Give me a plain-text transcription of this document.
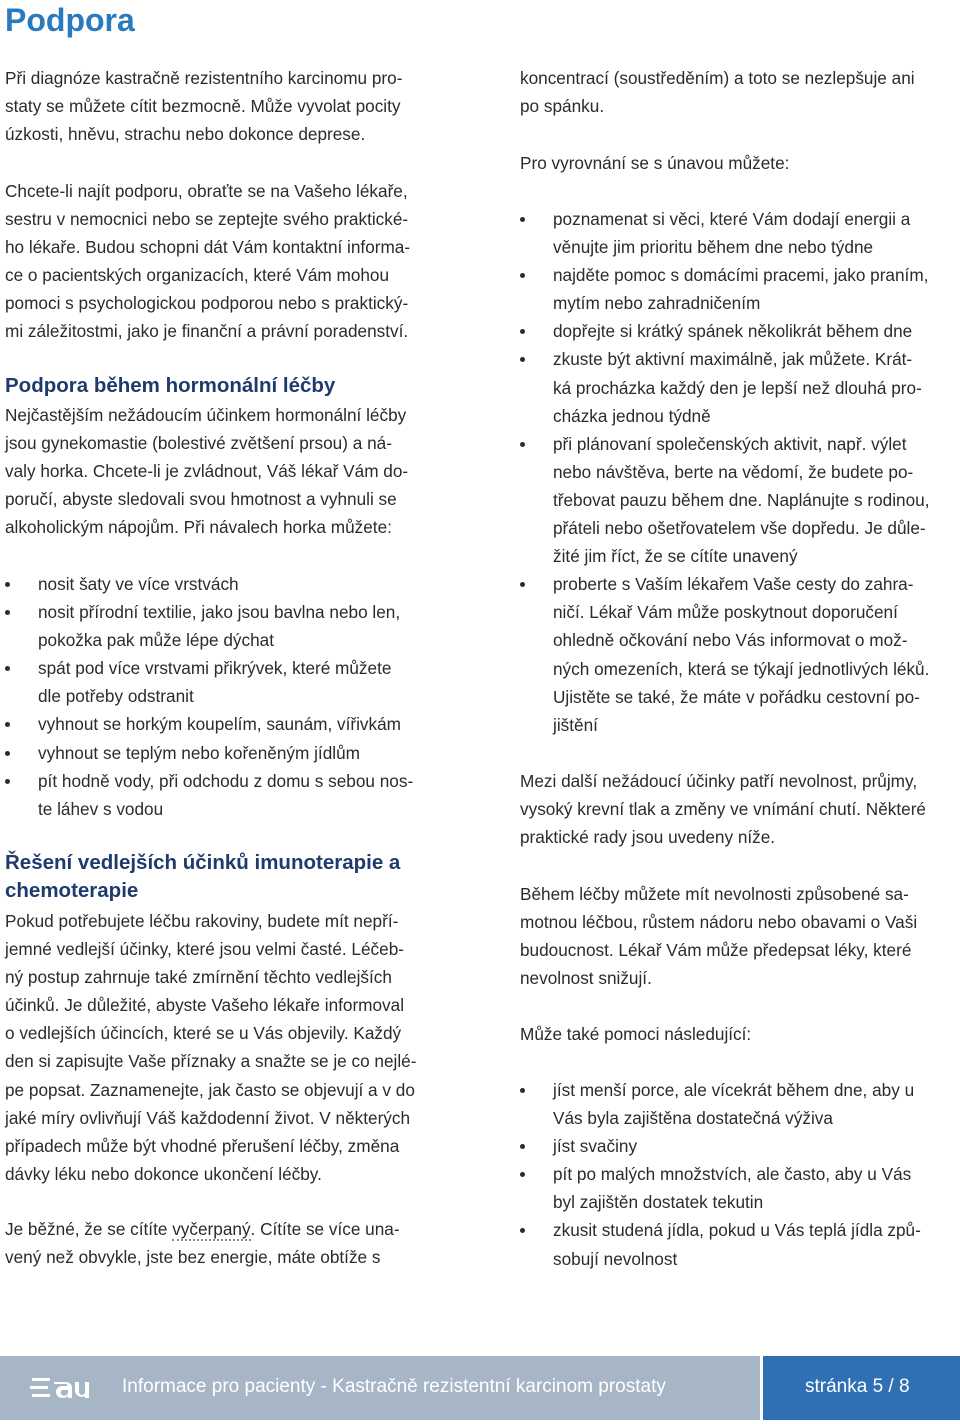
Podpora
Při diagnóze kastračně rezistentního karcinomu pro-
staty se můžete cítit bezmocně. Může vyvolat pocity
úzkosti, hněvu, strachu nebo dokonce deprese.
Chcete-li najít podporu, obraťte se na Vašeho lékaře,
sestru v nemocnici nebo se zeptejte svého praktické-
ho lékaře. Budou schopni dát Vám kontaktní informa-
ce o pacientských organizacích, které Vám mohou
pomoci s psychologickou podporou nebo s praktický-
mi záležitostmi, jako je finanční a právní poradenství.
Podpora během hormonální léčby
Nejčastějším nežádoucím účinkem hormonální léčby
jsou gynekomastie (bolestivé zvětšení prsou) a ná-
valy horka. Chcete-li je zvládnout, Váš lékař Vám do-
poručí, abyste sledovali svou hmotnost a vyhnuli se
alkoholickým nápojům. Při návalech horka můžete:
nosit šaty ve více vrstvách
nosit přírodní textilie, jako jsou bavlna nebo len,
pokožka pak může lépe dýchat
spát pod více vrstvami přikrývek, které můžete
dle potřeby odstranit
vyhnout se horkým koupelím, saunám, vířivkám
vyhnout se teplým nebo kořeněným jídlům
pít hodně vody, při odchodu z domu s sebou nos-
te láhev s vodou
Řešení vedlejších účinků imunoterapie a
chemoterapie
Pokud potřebujete léčbu rakoviny, budete mít nepří-
jemné vedlejší účinky, které jsou velmi časté. Léčeb-
ný postup zahrnuje také zmírnění těchto vedlejších
účinků. Je důležité, abyste Vašeho lékaře informoval
o vedlejších účincích, které se u Vás objevily. Každý
den si zapisujte Vaše příznaky a snažte se je co nejlé-
pe popsat. Zaznamenejte, jak často se objevují a v do
jaké míry ovlivňují Váš každodenní život. V některých
případech může být vhodné přerušení léčby, změna
dávky léku nebo dokonce ukončení léčby.
Je běžné, že se cítíte vyčerpaný. Cítíte se více una-
vený než obvykle, jste bez energie, máte obtíže s
koncentrací (soustředěním) a toto se nezlepšuje ani
po spánku.
Pro vyrovnání se s únavou můžete:
poznamenat si věci, které Vám dodají energii a
věnujte jim prioritu během dne nebo týdne
najděte pomoc s domácími pracemi, jako praním,
mytím nebo zahradničením
dopřejte si krátký spánek několikrát během dne
zkuste být aktivní maximálně, jak můžete. Krát-
ká procházka každý den je lepší než dlouhá pro-
cházka jednou týdně
při plánovaní společenských aktivit, např. výlet
nebo návštěva, berte na vědomí, že budete po-
třebovat pauzu během dne. Naplánujte s rodinou,
přáteli nebo ošetřovatelem vše dopředu. Je důle-
žité jim říct, že se cítíte unavený
proberte s Vaším lékařem Vaše cesty do zahra-
ničí. Lékař Vám může poskytnout doporučení
ohledně očkování nebo Vás informovat o mož-
ných omezeních, která se týkají jednotlivých léků.
Ujistěte se také, že máte v pořádku cestovní po-
jištění
Mezi další nežádoucí účinky patří nevolnost, průjmy,
vysoký krevní tlak a změny ve vnímání chutí. Některé
praktické rady jsou uvedeny níže.
Během léčby můžete mít nevolnosti způsobené sa-
motnou léčbou, růstem nádoru nebo obavami o Vaši
budoucnost. Lékař Vám může předepsat léky, které
nevolnost snižují.
Může také pomoci následující:
jíst menší porce, ale vícekrát během dne, aby u
Vás byla zajištěna dostatečná výživa
jíst svačiny
pít po malých množstvích, ale často, aby u Vás
byl zajištěn dostatek tekutin
zkusit studená jídla, pokud u Vás teplá jídla způ-
sobují nevolnost
eau
Informace pro pacienty - Kastračně rezistentní karcinom prostaty	stránka 5 / 8
